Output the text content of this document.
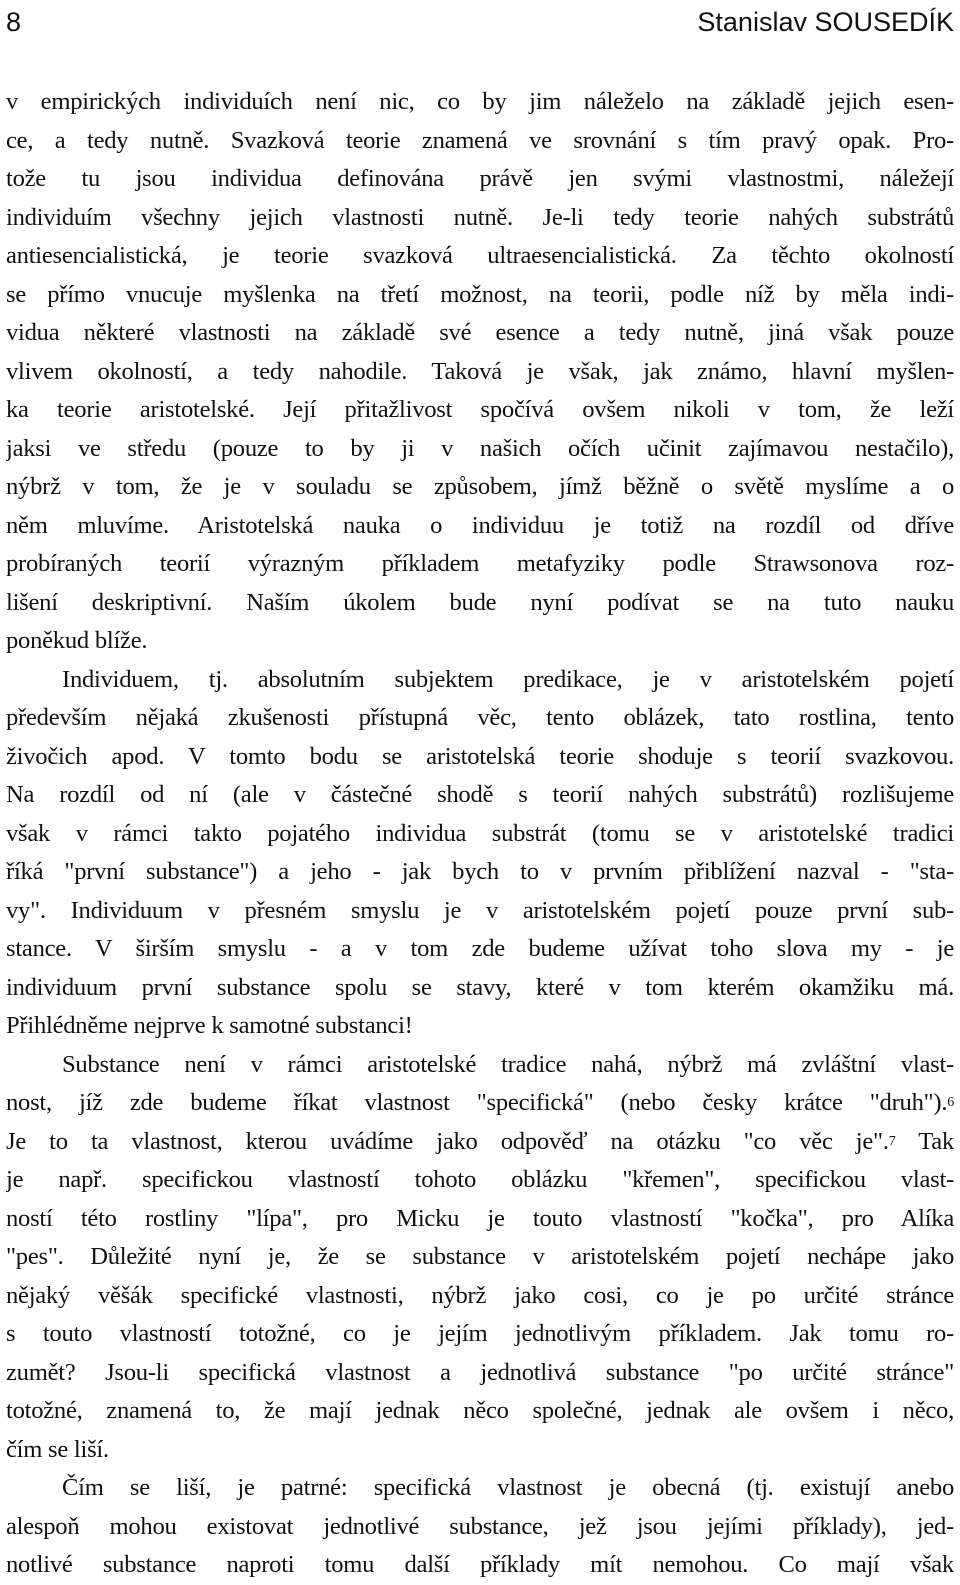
8	Stanislav SOUSEDÍK
v empirických individuích není nic, co by jim náleželo na základě jejich esen-
ce, a tedy nutně. Svazková teorie znamená ve srovnání s tím pravý opak. Pro-
tože tu jsou individua definována právě jen svými vlastnostmi, náležejí
individuím všechny jejich vlastnosti nutně. Je-li tedy teorie nahých substrátů
antiesencialistická, je teorie svazková ultraesencialistická. Za těchto okolností
se přímo vnucuje myšlenka na třetí možnost, na teorii, podle níž by měla indi-
vidua některé vlastnosti na základě své esence a tedy nutně, jiná však pouze
vlivem okolností, a tedy nahodile. Taková je však, jak známo, hlavní myšlen-
ka teorie aristotelské. Její přitažlivost spočívá ovšem nikoli v tom, že leží
jaksi ve středu (pouze to by ji v našich očích učinit zajímavou nestačilo),
nýbrž v tom, že je v souladu se způsobem, jímž běžně o světě myslíme a o
něm mluvíme. Aristotelská nauka o individuu je totiž na rozdíl od dříve
probíraných teorií výrazným příkladem metafyziky podle Strawsonova roz-
lišení deskriptivní. Naším úkolem bude nyní podívat se na tuto nauku
poněkud blíže.
Individuem, tj. absolutním subjektem predikace, je v aristotelském pojetí
především nějaká zkušenosti přístupná věc, tento oblázek, tato rostlina, tento
živočich apod. V tomto bodu se aristotelská teorie shoduje s teorií svazkovou.
Na rozdíl od ní (ale v částečné shodě s teorií nahých substrátů) rozlišujeme
však v rámci takto pojatého individua substrát (tomu se v aristotelské tradici
říká "první substance") a jeho - jak bych to v prvním přiblížení nazval - "sta-
vy". Individuum v přesném smyslu je v aristotelském pojetí pouze první sub-
stance. V širším smyslu - a v tom zde budeme užívat toho slova my - je
individuum první substance spolu se stavy, které v tom kterém okamžiku má.
Přihlédněme nejprve k samotné substanci!
Substance není v rámci aristotelské tradice nahá, nýbrž má zvláštní vlast-
nost, jíž zde budeme říkat vlastnost "specifická" (nebo česky krátce "druh").$^6$
Je to ta vlastnost, kterou uvádíme jako odpověď na otázku "co věc je".$^7$ Tak
je např. specifickou vlastností tohoto oblázku "křemen", specifickou vlast-
ností této rostliny "lípa", pro Micku je touto vlastností "kočka", pro Alíka
"pes". Důležité nyní je, že se substance v aristotelském pojetí nechápe jako
nějaký věšák specifické vlastnosti, nýbrž jako cosi, co je po určité stránce
s touto vlastností totožné, co je jejím jednotlivým příkladem. Jak tomu ro-
zumět? Jsou-li specifická vlastnost a jednotlivá substance "po určité stránce"
totožné, znamená to, že mají jednak něco společné, jednak ale ovšem i něco,
čím se liší.
Čím se liší, je patrné: specifická vlastnost je obecná (tj. existují anebo
alespoň mohou existovat jednotlivé substance, jež jsou jejími příklady), jed-
notlivé substance naproti tomu další příklady mít nemohou. Co mají však
